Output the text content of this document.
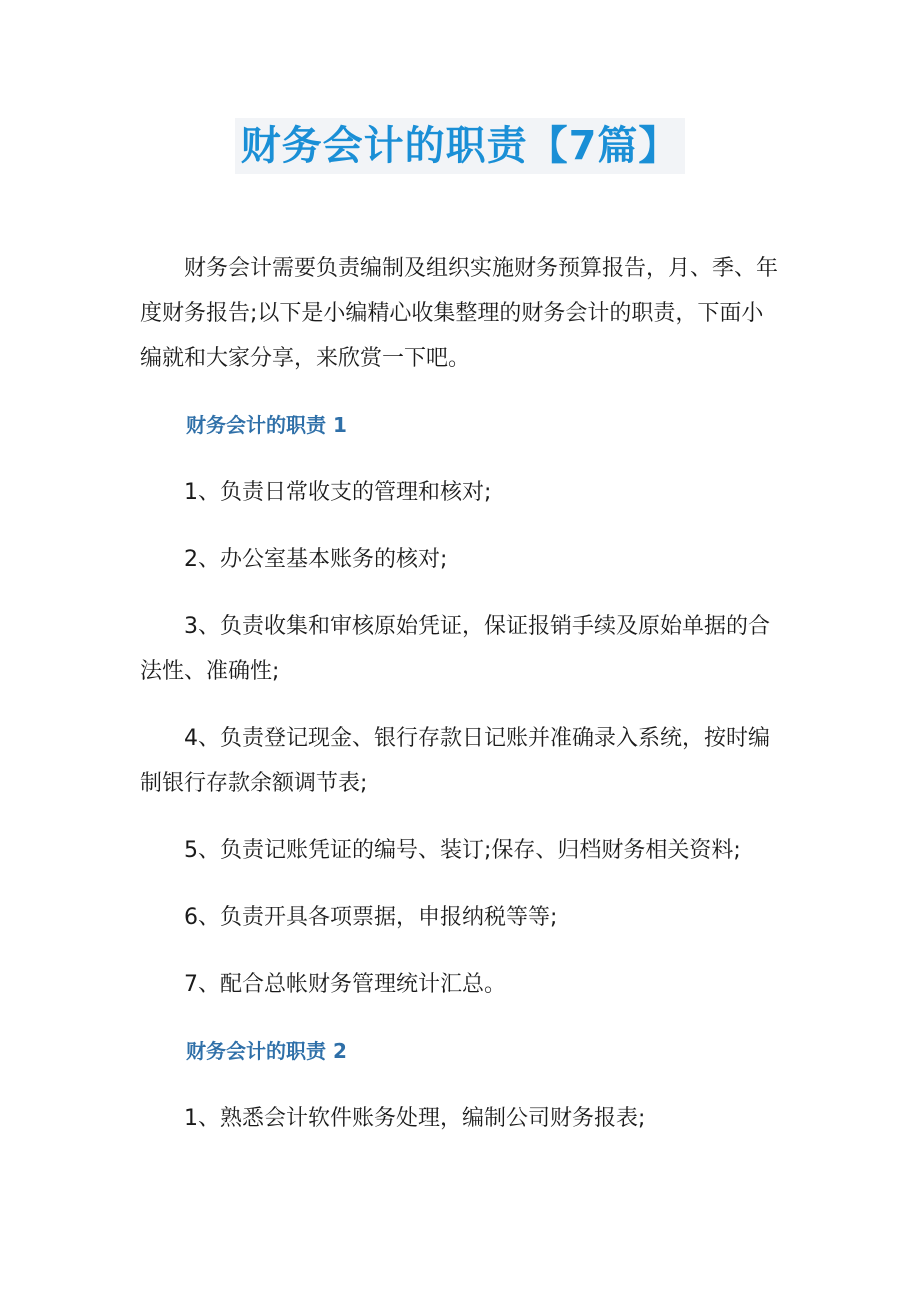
财务会计的职责【7篇】

财务会计需要负责编制及组织实施财务预算报告，月、季、年度财务报告;以下是小编精心收集整理的财务会计的职责，下面小编就和大家分享，来欣赏一下吧。

财务会计的职责 1

1、负责日常收支的管理和核对;

2、办公室基本账务的核对;

3、负责收集和审核原始凭证，保证报销手续及原始单据的合法性、准确性;

4、负责登记现金、银行存款日记账并准确录入系统，按时编制银行存款余额调节表;

5、负责记账凭证的编号、装订;保存、归档财务相关资料;

6、负责开具各项票据，申报纳税等等;

7、配合总帐财务管理统计汇总。

财务会计的职责 2

1、熟悉会计软件账务处理，编制公司财务报表;
